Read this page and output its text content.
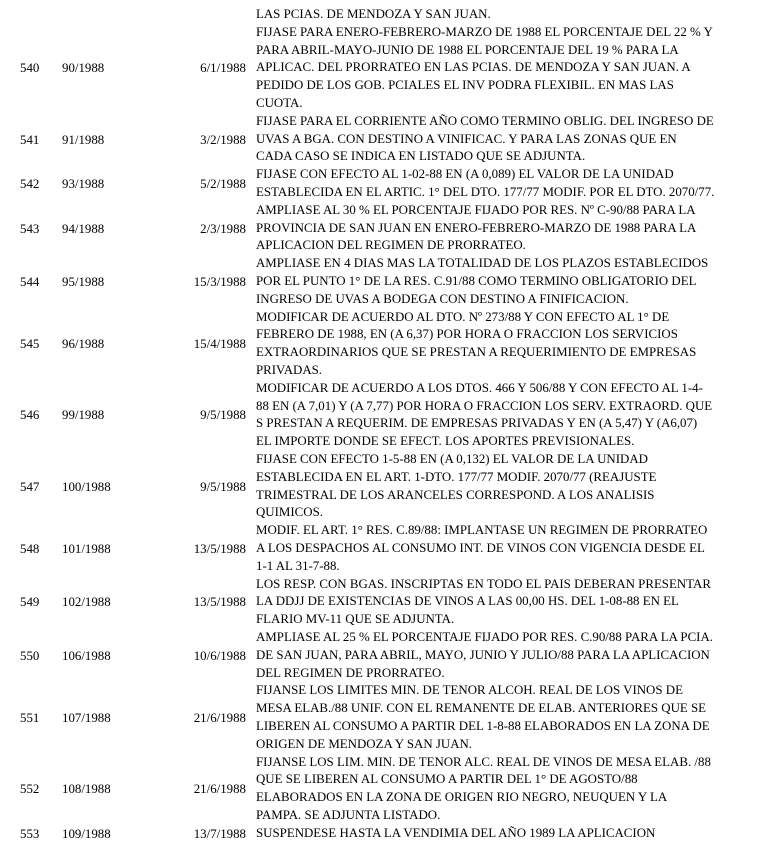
LAS PCIAS. DE MENDOZA Y SAN JUAN.
540 90/1988	6/1/1988
FIJASE PARA ENERO-FEBRERO-MARZO DE 1988 EL PORCENTAJE DEL 22 % Y
PARA ABRIL-MAYO-JUNIO DE 1988 EL PORCENTAJE DEL 19 % PARA LA
APLICAC. DEL PRORRATEO EN LAS PCIAS. DE MENDOZA Y SAN JUAN. A
PEDIDO DE LOS GOB. PCIALES EL INV PODRA FLEXIBIL. EN MAS LAS
CUOTA.
541 91/1988	3/2/1988
FIJASE PARA EL CORRIENTE AÑO COMO TERMINO OBLIG. DEL INGRESO DE
UVAS A BGA. CON DESTINO A VINIFICAC. Y PARA LAS ZONAS QUE EN
CADA CASO SE INDICA EN LISTADO QUE SE ADJUNTA.
542 93/1988	5/2/1988
FIJASE CON EFECTO AL 1-02-88 EN (A 0,089) EL VALOR DE LA UNIDAD
ESTABLECIDA EN EL ARTIC. 1° DEL DTO. 177/77 MODIF. POR EL DTO. 2070/77.
543 94/1988	2/3/1988
AMPLIASE AL 30 % EL PORCENTAJE FIJADO POR RES. Nº C-90/88 PARA LA
PROVINCIA DE SAN JUAN EN ENERO-FEBRERO-MARZO DE 1988 PARA LA
APLICACION DEL REGIMEN DE PRORRATEO.
544 95/1988	15/3/1988
AMPLIASE EN 4 DIAS MAS LA TOTALIDAD DE LOS PLAZOS ESTABLECIDOS
POR EL PUNTO 1° DE LA RES. C.91/88 COMO TERMINO OBLIGATORIO DEL
INGRESO DE UVAS A BODEGA CON DESTINO A FINIFICACION.
545 96/1988	15/4/1988
MODIFICAR DE ACUERDO AL DTO. Nº 273/88 Y CON EFECTO AL 1° DE
FEBRERO DE 1988, EN (A 6,37) POR HORA O FRACCION LOS SERVICIOS
EXTRAORDINARIOS QUE SE PRESTAN A REQUERIMIENTO DE EMPRESAS
PRIVADAS.
546 99/1988	9/5/1988
MODIFICAR DE ACUERDO A LOS DTOS. 466 Y 506/88 Y CON EFECTO AL 1-4-
88 EN (A 7,01) Y (A 7,77) POR HORA O FRACCION LOS SERV. EXTRAORD. QUE
S PRESTAN A REQUERIM. DE EMPRESAS PRIVADAS Y EN (A 5,47) Y (A6,07)
EL IMPORTE DONDE SE EFECT. LOS APORTES PREVISIONALES.
547 100/1988	9/5/1988
FIJASE CON EFECTO 1-5-88 EN (A 0,132) EL VALOR DE LA UNIDAD
ESTABLECIDA EN EL ART. 1-DTO. 177/77 MODIF. 2070/77 (REAJUSTE
TRIMESTRAL DE LOS ARANCELES CORRESPOND. A LOS ANALISIS
QUIMICOS.
548 101/1988	13/5/1988
MODIF. EL ART. 1° RES. C.89/88: IMPLANTASE UN REGIMEN DE PRORRATEO
A LOS DESPACHOS AL CONSUMO INT. DE VINOS CON VIGENCIA DESDE EL
1-1 AL 31-7-88.
549 102/1988	13/5/1988
LOS RESP. CON BGAS. INSCRIPTAS EN TODO EL PAIS DEBERAN PRESENTAR
LA DDJJ DE EXISTENCIAS DE VINOS A LAS 00,00 HS. DEL 1-08-88 EN EL
FLARIO MV-11 QUE SE ADJUNTA.
550 106/1988	10/6/1988
AMPLIASE AL 25 % EL PORCENTAJE FIJADO POR RES. C.90/88 PARA LA PCIA.
DE SAN JUAN, PARA ABRIL, MAYO, JUNIO Y JULIO/88 PARA LA APLICACION
DEL REGIMEN DE PRORRATEO.
551 107/1988	21/6/1988
FIJANSE LOS LIMITES MIN. DE TENOR ALCOH. REAL DE LOS VINOS DE
MESA ELAB./88 UNIF. CON EL REMANENTE DE ELAB. ANTERIORES QUE SE
LIBEREN AL CONSUMO A PARTIR DEL 1-8-88 ELABORADOS EN LA ZONA DE
ORIGEN DE MENDOZA Y SAN JUAN.
552 108/1988	21/6/1988
FIJANSE LOS LIM. MIN. DE TENOR ALC. REAL DE VINOS DE MESA ELAB. /88
QUE SE LIBEREN AL CONSUMO A PARTIR DEL 1° DE AGOSTO/88
ELABORADOS EN LA ZONA DE ORIGEN RIO NEGRO, NEUQUEN Y LA
PAMPA. SE ADJUNTA LISTADO.
553 109/1988	13/7/1988 SUSPENDESE HASTA LA VENDIMIA DEL AÑO 1989 LA APLICACION
